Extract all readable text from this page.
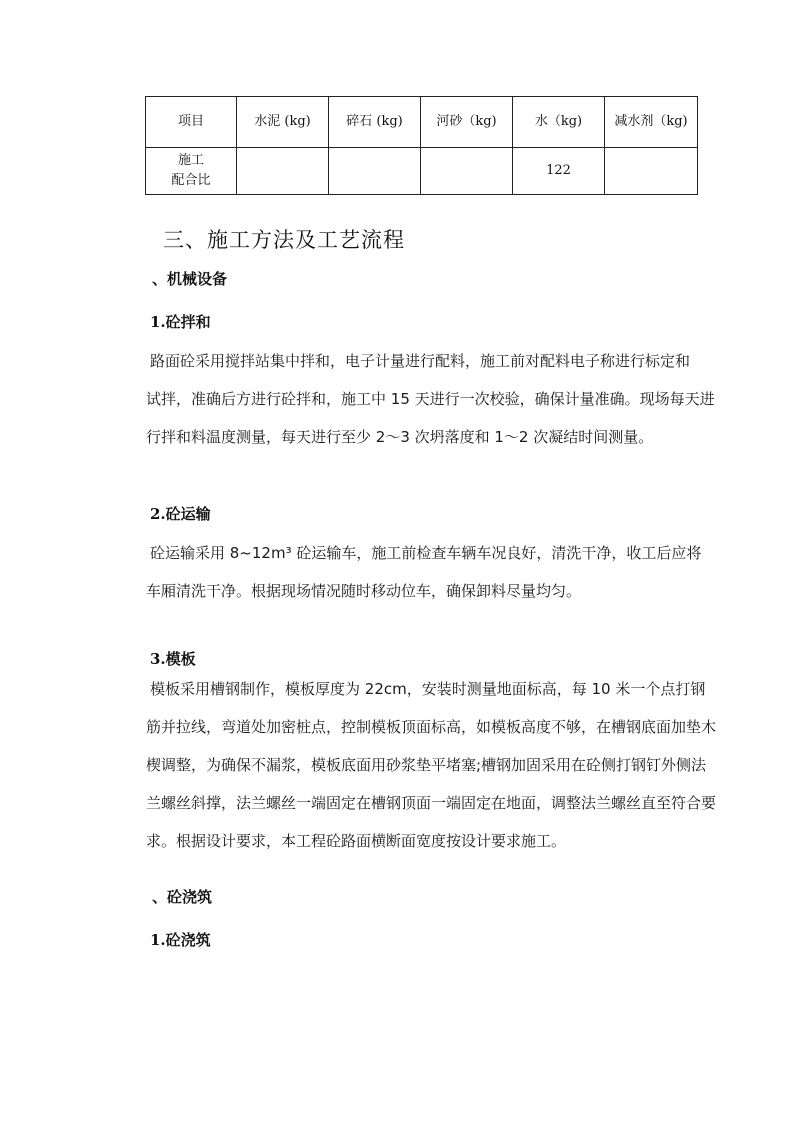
项目	水泥 (kg)	碎石 (kg)	河砂（kg)	水（kg)	减水剂（kg)
施工
配合比				122	
三、施工方法及工艺流程
、机械设备
1.砼拌和

路面砼采用搅拌站集中拌和，电子计量进行配料，施工前对配料电子称进行标定和
试拌，准确后方进行砼拌和，施工中 15 天进行一次校验，确保计量准确。现场每天进
行拌和料温度测量，每天进行至少 2～3 次坍落度和 1～2 次凝结时间测量。

2.砼运输

砼运输采用 8~12m³ 砼运输车，施工前检查车辆车况良好，清洗干净，收工后应将
车厢清洗干净。根据现场情况随时移动位车，确保卸料尽量均匀。

3.模板

模板采用槽钢制作，模板厚度为 22cm，安装时测量地面标高，每 10 米一个点打钢
筋并拉线，弯道处加密桩点，控制模板顶面标高，如模板高度不够，在槽钢底面加垫木
楔调整，为确保不漏浆，模板底面用砂浆垫平堵塞;槽钢加固采用在砼侧打钢钉外侧法
兰螺丝斜撑，法兰螺丝一端固定在槽钢顶面一端固定在地面，调整法兰螺丝直至符合要
求。根据设计要求，本工程砼路面横断面宽度按设计要求施工。

、砼浇筑
1.砼浇筑
